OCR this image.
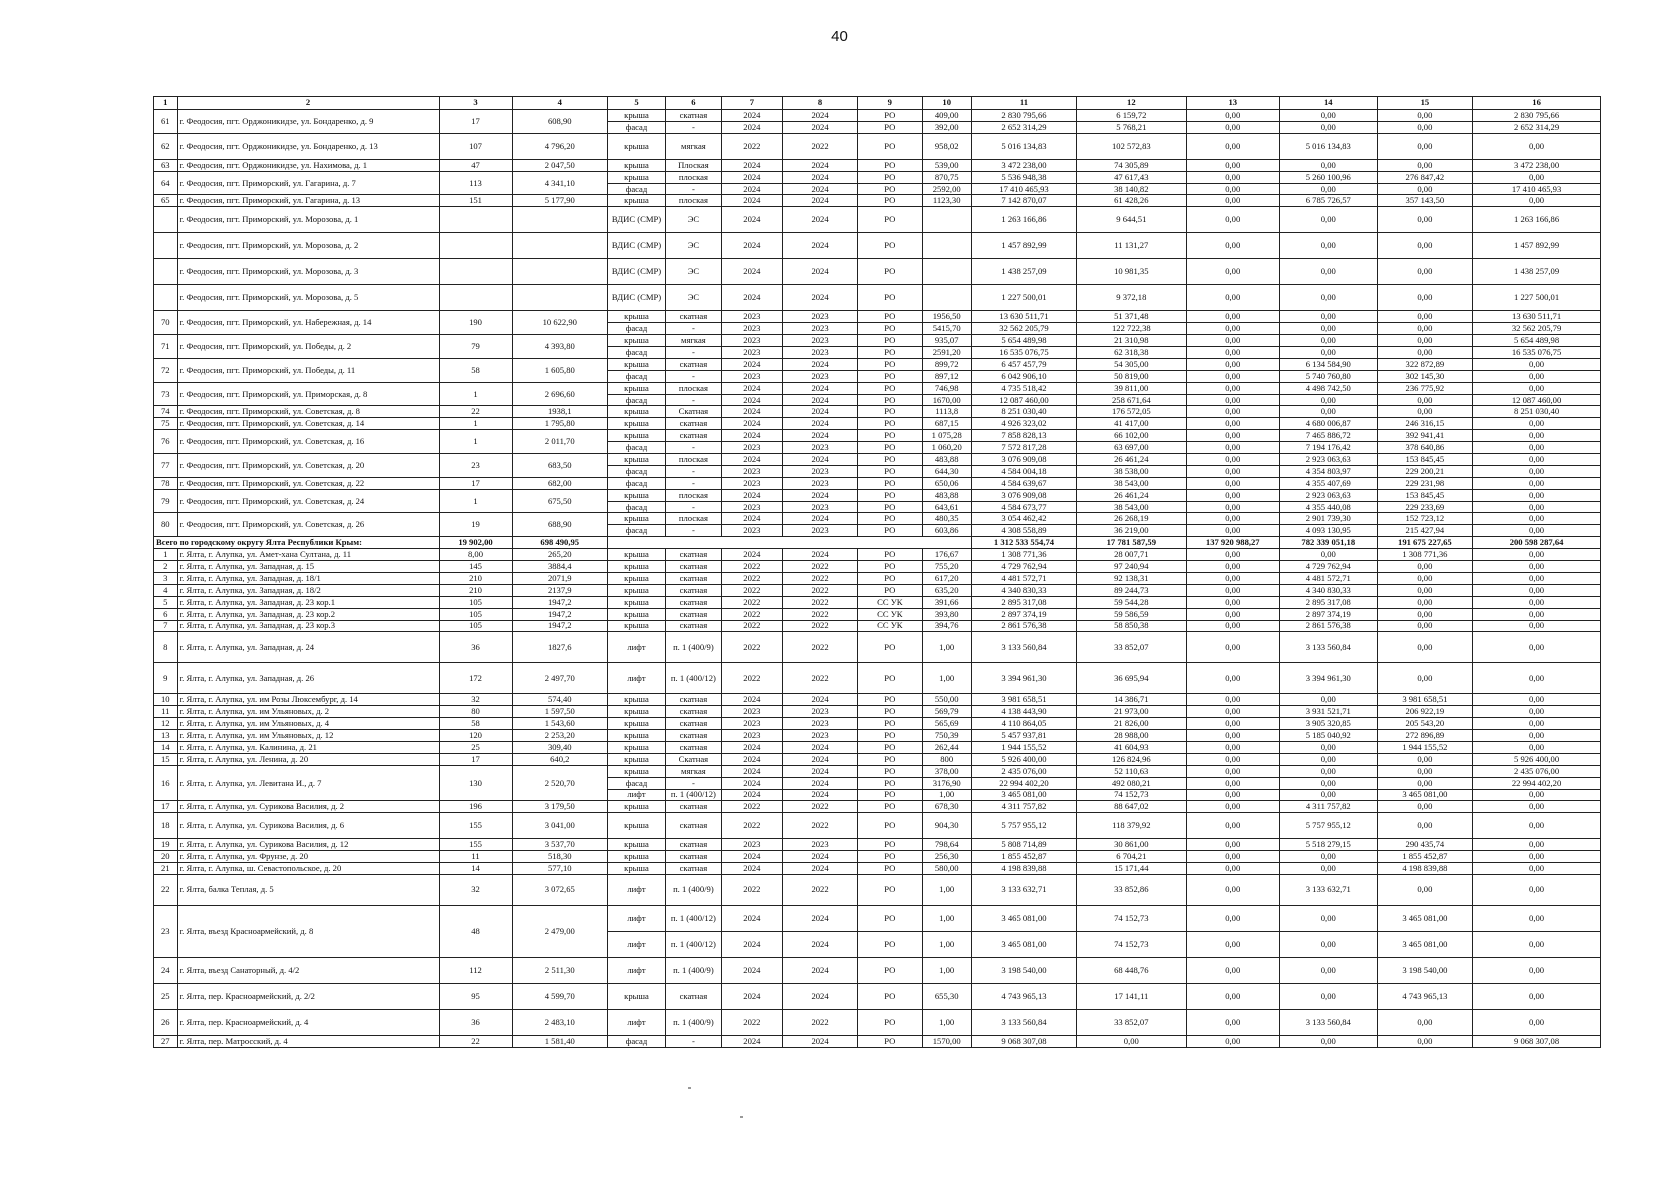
40
1	2	3	4	5	6	7	8	9	10	11	12	13	14	15	16
61	г. Феодосия, пгт. Орджоникидзе, ул. Бондаренко, д. 9	17	608,90	крыша	скатная	2024	2024	РО	409,00	2 830 795,66	6 159,72	0,00	0,00	0,00	2 830 795,66
				фасад	-	2024	2024	РО	392,00	2 652 314,29	5 768,21	0,00	0,00	0,00	2 652 314,29
62	г. Феодосия, пгт. Орджоникидзе, ул. Бондаренко, д. 13	107	4 796,20	крыша	мягкая	2022	2022	РО	958,02	5 016 134,83	102 572,83	0,00	5 016 134,83	0,00	0,00
63	г. Феодосия, пгт. Орджоникидзе, ул. Нахимова, д. 1	47	2 047,50	крыша	Плоская	2024	2024	РО	539,00	3 472 238,00	74 305,89	0,00	0,00	0,00	3 472 238,00
64	г. Феодосия, пгт. Приморский, ул. Гагарина, д. 7	113	4 341,10	крыша	плоская	2024	2024	РО	870,75	5 536 948,38	47 617,43	0,00	5 260 100,96	276 847,42	0,00
				фасад	-	2024	2024	РО	2592,00	17 410 465,93	38 140,82	0,00	0,00	0,00	17 410 465,93
65	г. Феодосия, пгт. Приморский, ул. Гагарина, д. 13	151	5 177,90	крыша	плоская	2024	2024	РО	1123,30	7 142 870,07	61 428,26	0,00	6 785 726,57	357 143,50	0,00
	г. Феодосия, пгт. Приморский, ул. Морозова, д. 1			ВДИС (СМР)	ЭС	2024	2024	РО		1 263 166,86	9 644,51	0,00	0,00	0,00	1 263 166,86
	г. Феодосия, пгт. Приморский, ул. Морозова, д. 2			ВДИС (СМР)	ЭС	2024	2024	РО		1 457 892,99	11 131,27	0,00	0,00	0,00	1 457 892,99
	г. Феодосия, пгт. Приморский, ул. Морозова, д. 3			ВДИС (СМР)	ЭС	2024	2024	РО		1 438 257,09	10 981,35	0,00	0,00	0,00	1 438 257,09
	г. Феодосия, пгт. Приморский, ул. Морозова, д. 5			ВДИС (СМР)	ЭС	2024	2024	РО		1 227 500,01	9 372,18	0,00	0,00	0,00	1 227 500,01
70	г. Феодосия, пгт. Приморский, ул. Набережная, д. 14	190	10 622,90	крыша	скатная	2023	2023	РО	1956,50	13 630 511,71	51 371,48	0,00	0,00	0,00	13 630 511,71
				фасад	-	2023	2023	РО	5415,70	32 562 205,79	122 722,38	0,00	0,00	0,00	32 562 205,79
71	г. Феодосия, пгт. Приморский, ул. Победы, д. 2	79	4 393,80	крыша	мягкая	2023	2023	РО	935,07	5 654 489,98	21 310,98	0,00	0,00	0,00	5 654 489,98
				фасад	-	2023	2023	РО	2591,20	16 535 076,75	62 318,38	0,00	0,00	0,00	16 535 076,75
72	г. Феодосия, пгт. Приморский, ул. Победы, д. 11	58	1 605,80	крыша	скатная	2024	2024	РО	899,72	6 457 457,79	54 305,00	0,00	6 134 584,90	322 872,89	0,00
				фасад	-	2023	2023	РО	897,12	6 042 906,10	50 819,00	0,00	5 740 760,80	302 145,30	0,00
73	г. Феодосия, пгт. Приморский, ул. Приморская, д. 8	1	2 696,60	крыша	плоская	2024	2024	РО	746,98	4 735 518,42	39 811,00	0,00	4 498 742,50	236 775,92	0,00
				фасад	-	2024	2024	РО	1670,00	12 087 460,00	258 671,64	0,00	0,00	0,00	12 087 460,00
74	г. Феодосия, пгт. Приморский, ул. Советская, д. 8	22	1938,1	крыша	Скатная	2024	2024	РО	1113,8	8 251 030,40	176 572,05	0,00	0,00	0,00	8 251 030,40
75	г. Феодосия, пгт. Приморский, ул. Советская, д. 14	1	1 795,80	крыша	скатная	2024	2024	РО	687,15	4 926 323,02	41 417,00	0,00	4 680 006,87	246 316,15	0,00
76	г. Феодосия, пгт. Приморский, ул. Советская, д. 16	1	2 011,70	крыша	скатная	2024	2024	РО	1 075,28	7 858 828,13	66 102,00	0,00	7 465 886,72	392 941,41	0,00
				фасад	-	2023	2023	РО	1 060,20	7 572 817,28	63 697,00	0,00	7 194 176,42	378 640,86	0,00
77	г. Феодосия, пгт. Приморский, ул. Советская, д. 20	23	683,50	крыша	плоская	2024	2024	РО	483,88	3 076 909,08	26 461,24	0,00	2 923 063,63	153 845,45	0,00
				фасад	-	2023	2023	РО	644,30	4 584 004,18	38 538,00	0,00	4 354 803,97	229 200,21	0,00
78	г. Феодосия, пгт. Приморский, ул. Советская, д. 22	17	682,00	фасад	-	2023	2023	РО	650,06	4 584 639,67	38 543,00	0,00	4 355 407,69	229 231,98	0,00
79	г. Феодосия, пгт. Приморский, ул. Советская, д. 24	1	675,50	крыша	плоская	2024	2024	РО	483,88	3 076 909,08	26 461,24	0,00	2 923 063,63	153 845,45	0,00
				фасад	-	2023	2023	РО	643,61	4 584 673,77	38 543,00	0,00	4 355 440,08	229 233,69	0,00
80	г. Феодосия, пгт. Приморский, ул. Советская, д. 26	19	688,90	крыша	плоская	2024	2024	РО	480,35	3 054 462,42	26 268,19	0,00	2 901 739,30	152 723,12	0,00
				фасад	-	2023	2023	РО	603,86	4 308 558,89	36 219,00	0,00	4 093 130,95	215 427,94	0,00
Всего по городскому округу Ялта Республики Крым:		19 902,00	698 490,95							1 312 533 554,74	17 781 587,59	137 920 988,27	782 339 051,18	191 675 227,65	200 598 287,64
1	г. Ялта, г. Алупка, ул. Амет-хана Султана, д. 11	8,00	265,20	крыша	скатная	2024	2024	РО	176,67	1 308 771,36	28 007,71	0,00	0,00	1 308 771,36	0,00
2	г. Ялта, г. Алупка, ул. Западная, д. 15	145	3884,4	крыша	скатная	2022	2022	РО	755,20	4 729 762,94	97 240,94	0,00	4 729 762,94	0,00	0,00
3	г. Ялта, г. Алупка, ул. Западная, д. 18/1	210	2071,9	крыша	скатная	2022	2022	РО	617,20	4 481 572,71	92 138,31	0,00	4 481 572,71	0,00	0,00
4	г. Ялта, г. Алупка, ул. Западная, д. 18/2	210	2137,9	крыша	скатная	2022	2022	РО	635,20	4 340 830,33	89 244,73	0,00	4 340 830,33	0,00	0,00
5	г. Ялта, г. Алупка, ул. Западная, д. 23 кор.1	105	1947,2	крыша	скатная	2022	2022	СС УК	391,66	2 895 317,08	59 544,28	0,00	2 895 317,08	0,00	0,00
6	г. Ялта, г. Алупка, ул. Западная, д. 23 кор.2	105	1947,2	крыша	скатная	2022	2022	СС УК	393,80	2 897 374,19	59 586,59	0,00	2 897 374,19	0,00	0,00
7	г. Ялта, г. Алупка, ул. Западная, д. 23 кор.3	105	1947,2	крыша	скатная	2022	2022	СС УК	394,76	2 861 576,38	58 850,38	0,00	2 861 576,38	0,00	0,00
8	г. Ялта, г. Алупка, ул. Западная, д. 24	36	1827,6	лифт	п. 1 (400/9)	2022	2022	РО	1,00	3 133 560,84	33 852,07	0,00	3 133 560,84	0,00	0,00
9	г. Ялта, г. Алупка, ул. Западная, д. 26	172	2 497,70	лифт	п. 1 (400/12)	2022	2022	РО	1,00	3 394 961,30	36 695,94	0,00	3 394 961,30	0,00	0,00
10	г. Ялта, г. Алупка, ул. им Розы Люксембург, д. 14	32	574,40	крыша	скатная	2024	2024	РО	550,00	3 981 658,51	14 386,71	0,00	0,00	3 981 658,51	0,00
11	г. Ялта, г. Алупка, ул. им Ульяновых, д. 2	80	1 597,50	крыша	скатная	2023	2023	РО	569,79	4 138 443,90	21 973,00	0,00	3 931 521,71	206 922,19	0,00
12	г. Ялта, г. Алупка, ул. им Ульяновых, д. 4	58	1 543,60	крыша	скатная	2023	2023	РО	565,69	4 110 864,05	21 826,00	0,00	3 905 320,85	205 543,20	0,00
13	г. Ялта, г. Алупка, ул. им Ульяновых, д. 12	120	2 253,20	крыша	скатная	2023	2023	РО	750,39	5 457 937,81	28 988,00	0,00	5 185 040,92	272 896,89	0,00
14	г. Ялта, г. Алупка, ул. Калинина, д. 21	25	309,40	крыша	скатная	2024	2024	РО	262,44	1 944 155,52	41 604,93	0,00	0,00	1 944 155,52	0,00
15	г. Ялта, г. Алупка, ул. Ленина, д. 20	17	640,2	крыша	Скатная	2024	2024	РО	800	5 926 400,00	126 824,96	0,00	0,00	0,00	5 926 400,00
16	г. Ялта, г. Алупка, ул. Левитана И., д. 7	130	2 520,70	крыша	мягкая	2024	2024	РО	378,00	2 435 076,00	52 110,63	0,00	0,00	0,00	2 435 076,00
				фасад	-	2024	2024	РО	3176,90	22 994 402,20	492 080,21	0,00	0,00	0,00	22 994 402,20
				лифт	п. 1 (400/12)	2024	2024	РО	1,00	3 465 081,00	74 152,73	0,00	0,00	3 465 081,00	0,00
17	г. Ялта, г. Алупка, ул. Сурикова Василия, д. 2	196	3 179,50	крыша	скатная	2022	2022	РО	678,30	4 311 757,82	88 647,02	0,00	4 311 757,82	0,00	0,00
18	г. Ялта, г. Алупка, ул. Сурикова Василия, д. 6	155	3 041,00	крыша	скатная	2022	2022	РО	904,30	5 757 955,12	118 379,92	0,00	5 757 955,12	0,00	0,00
19	г. Ялта, г. Алупка, ул. Сурикова Василия, д. 12	155	3 537,70	крыша	скатная	2023	2023	РО	798,64	5 808 714,89	30 861,00	0,00	5 518 279,15	290 435,74	0,00
20	г. Ялта, г. Алупка, ул. Фрунзе, д. 20	11	518,30	крыша	скатная	2024	2024	РО	256,30	1 855 452,87	6 704,21	0,00	0,00	1 855 452,87	0,00
21	г. Ялта, г. Алупка, ш. Севастопольское, д. 20	14	577,10	крыша	скатная	2024	2024	РО	580,00	4 198 839,88	15 171,44	0,00	0,00	4 198 839,88	0,00
22	г. Ялта, балка Теплая, д. 5	32	3 072,65	лифт	п. 1 (400/9)	2022	2022	РО	1,00	3 133 632,71	33 852,86	0,00	3 133 632,71	0,00	0,00
23	г. Ялта, въезд Красноармейский, д. 8	48	2 479,00	лифт	п. 1 (400/12)	2024	2024	РО	1,00	3 465 081,00	74 152,73	0,00	0,00	3 465 081,00	0,00
				лифт	п. 1 (400/12)	2024	2024	РО	1,00	3 465 081,00	74 152,73	0,00	0,00	3 465 081,00	0,00
24	г. Ялта, въезд Санаторный, д. 4/2	112	2 511,30	лифт	п. 1 (400/9)	2024	2024	РО	1,00	3 198 540,00	68 448,76	0,00	0,00	3 198 540,00	0,00
25	г. Ялта, пер. Красноармейский, д. 2/2	95	4 599,70	крыша	скатная	2024	2024	РО	655,30	4 743 965,13	17 141,11	0,00	0,00	4 743 965,13	0,00
26	г. Ялта, пер. Красноармейский, д. 4	36	2 483,10	лифт	п. 1 (400/9)	2022	2022	РО	1,00	3 133 560,84	33 852,07	0,00	3 133 560,84	0,00	0,00
27	г. Ялта, пер. Матросский, д. 4	22	1 581,40	фасад	-	2024	2024	РО	1570,00	9 068 307,08	0,00	0,00	0,00	0,00	9 068 307,08
